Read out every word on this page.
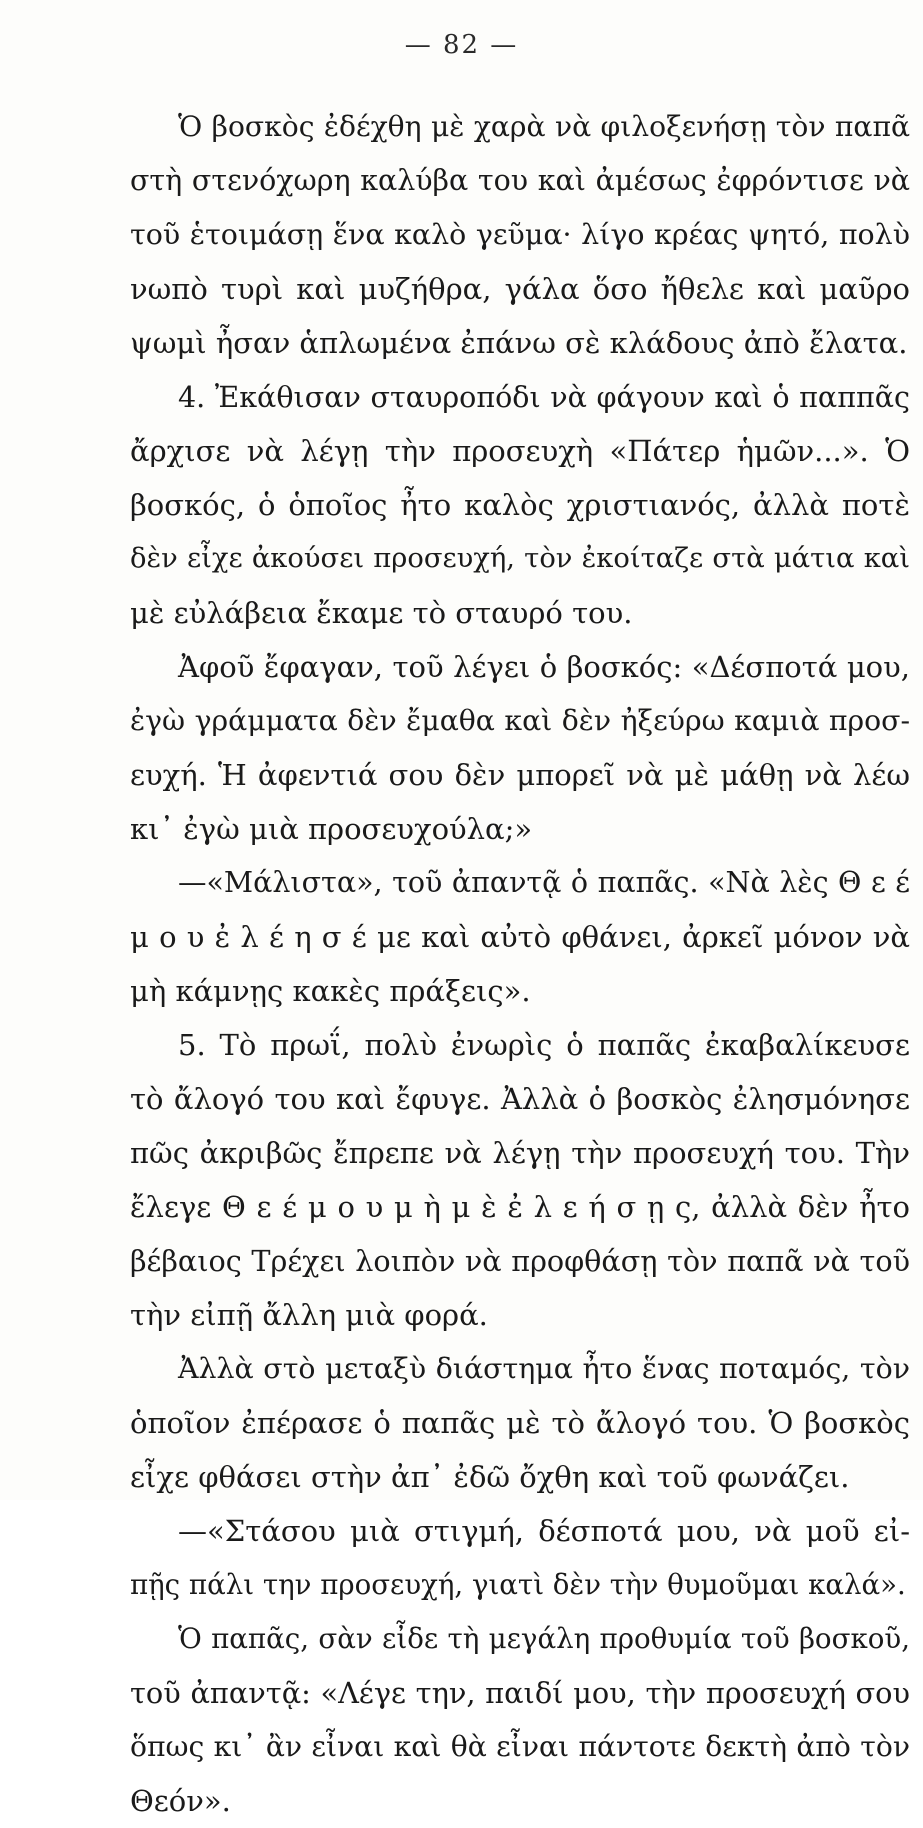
— 82 —
Ὁ βοσκὸς ἐδέχθη μὲ χαρὰ νὰ φιλοξενήσῃ τὸν παπᾶ
στὴ στενόχωρη καλύβα του καὶ ἀμέσως ἐφρόντισε νὰ
τοῦ ἑτοιμάσῃ ἕνα καλὸ γεῦμα· λίγο κρέας ψητό, πολὺ
νωπὸ τυρὶ καὶ μυζήθρα, γάλα ὅσο ἤθελε καὶ μαῦρο
ψωμὶ ἦσαν ἁπλωμένα ἐπάνω σὲ κλάδους ἀπὸ ἔλατα.
4. Ἐκάθισαν σταυροπόδι νὰ φάγουν καὶ ὁ παππᾶς
ἄρχισε νὰ λέγῃ τὴν προσευχὴ «Πάτερ ἡμῶν...». Ὁ
βοσκός, ὁ ὁποῖος ἦτο καλὸς χριστιανός, ἀλλὰ ποτὲ
δὲν εἶχε ἀκούσει προσευχή, τὸν ἐκοίταζε στὰ μάτια καὶ
μὲ εὐλάβεια ἔκαμε τὸ σταυρό του.
Ἀφοῦ ἔφαγαν, τοῦ λέγει ὁ βοσκός: «Δέσποτά μου,
ἐγὼ γράμματα δὲν ἔμαθα καὶ δὲν ἠξεύρω καμιὰ προσ-
ευχή. Ἡ ἀφεντιά σου δὲν μπορεῖ νὰ μὲ μάθῃ νὰ λέω
κι᾿ ἐγὼ μιὰ προσευχούλα;»
—«Μάλιστα», τοῦ ἀπαντᾷ ὁ παπᾶς. «Νὰ λὲς Θ ε έ
μ ο υ ἐ λ έ η σ έ με καὶ αὐτὸ φθάνει, ἀρκεῖ μόνον νὰ
μὴ κάμνῃς κακὲς πράξεις».
5. Τὸ πρωΐ, πολὺ ἐνωρὶς ὁ παπᾶς ἐκαβαλίκευσε
τὸ ἄλογό του καὶ ἔφυγε. Ἀλλὰ ὁ βοσκὸς ἐλησμόνησε
πῶς ἀκριβῶς ἔπρεπε νὰ λέγῃ τὴν προσευχή του. Τὴν
ἔλεγε Θ ε έ μ ο υ μ ὴ μ ὲ ἐ λ ε ή σ ῃ ς, ἀλλὰ δὲν ἦτο
βέβαιος Τρέχει λοιπὸν νὰ προφθάσῃ τὸν παπᾶ νὰ τοῦ
τὴν εἰπῇ ἄλλη μιὰ φορά.
Ἀλλὰ στὸ μεταξὺ διάστημα ἦτο ἕνας ποταμός, τὸν
ὁποῖον ἐπέρασε ὁ παπᾶς μὲ τὸ ἄλογό του. Ὁ βοσκὸς
εἶχε φθάσει στὴν ἀπ᾿ ἐδῶ ὄχθη καὶ τοῦ φωνάζει.
—«Στάσου μιὰ στιγμή, δέσποτά μου, νὰ μοῦ εἰ-
πῇς πάλι την προσευχή, γιατὶ δὲν τὴν θυμοῦμαι καλά».
Ὁ παπᾶς, σὰν εἶδε τὴ μεγάλη προθυμία τοῦ βοσκοῦ,
τοῦ ἀπαντᾷ: «Λέγε την, παιδί μου, τὴν προσευχή σου
ὅπως κι᾿ ἂν εἶναι καὶ θὰ εἶναι πάντοτε δεκτὴ ἀπὸ τὸν
Θεόν».
